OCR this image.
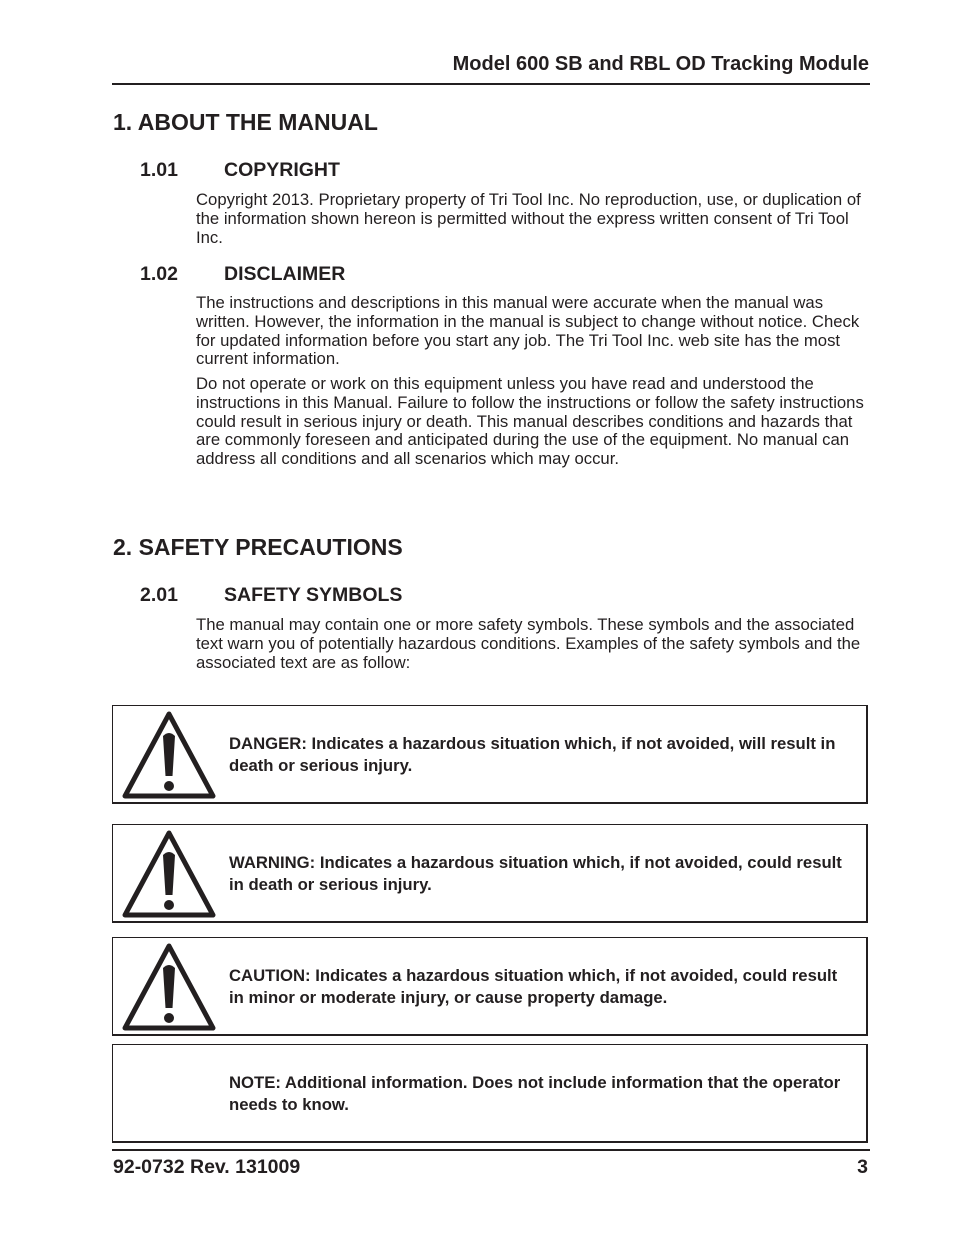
Model 600 SB and RBL OD Tracking Module
1. ABOUT THE MANUAL
1.01 COPYRIGHT
Copyright 2013. Proprietary property of Tri Tool Inc. No reproduction, use, or duplication of the information shown hereon is permitted without the express written consent of Tri Tool Inc.
1.02 DISCLAIMER
The instructions and descriptions in this manual were accurate when the manual was written. However, the information in the manual is subject to change without notice. Check for updated information before you start any job. The Tri Tool Inc. web site has the most current information.
Do not operate or work on this equipment unless you have read and understood the instructions in this Manual. Failure to follow the instructions or follow the safety instructions could result in serious injury or death. This manual describes conditions and hazards that are commonly foreseen and anticipated during the use of the equipment. No manual can address all conditions and all scenarios which may occur.
2. SAFETY PRECAUTIONS
2.01 SAFETY SYMBOLS
The manual may contain one or more safety symbols. These symbols and the associated text warn you of potentially hazardous conditions. Examples of the safety symbols and the associated text are as follow:
DANGER: Indicates a hazardous situation which, if not avoided, will result in death or serious injury.
WARNING: Indicates a hazardous situation which, if not avoided, could result in death or serious injury.
CAUTION: Indicates a hazardous situation which, if not avoided, could result in minor or moderate injury, or cause property damage.
NOTE: Additional information. Does not include information that the operator needs to know.
92-0732 Rev. 131009	3
